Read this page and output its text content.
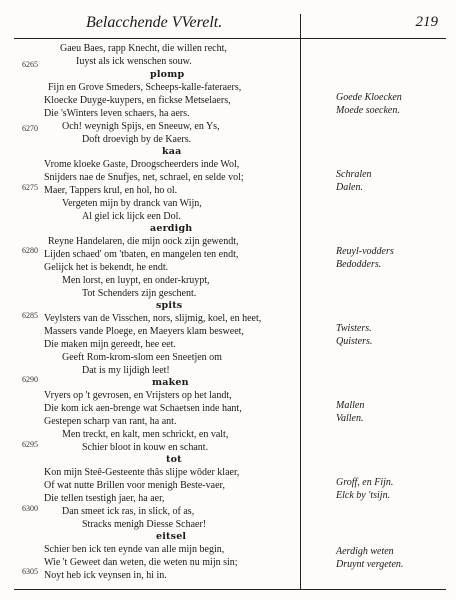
Belacchende VVerelt.	219
6265
6270
6275
6280
6285
6290
6295
6300
6305
Gaeu Baes, rapp Knecht, die willen recht,
Iuyst als ick wenschen souw.
plomp
Fijn en Grove Smeders, Scheeps-kalle-fateraers,
Kloecke Duyge-kuypers, en fickse Metselaers,
Die 'sWinters leven schaers, ha aers.
Och! weynigh Spijs, en Sneeuw, en Ys,
Doft droevigh by de Kaers.
kaa
Vrome kloeke Gaste, Droogscheerders inde Wol,
Snijders nae de Snufjes, net, schrael, en selde vol;
Maer, Tappers krul, en hol, ho ol.
Vergeten mijn by dranck van Wijn,
Al giel ick lijck een Dol.
aerdigh
Reyne Handelaren, die mijn oock zijn gewendt,
Lijden schaed' om 'tbaten, en mangelen ten endt,
Gelijck het is bekendt, he endt.
Men lorst, en luypt, en onder-kruypt,
Tot Schenders zijn geschent.
spits
Veylsters van de Visschen, nors, slijmig, koel, en heet,
Massers vande Ploege, en Maeyers klam besweet,
Die maken mijn gereedt, hee eet.
Geeft Rom-krom-slom een Sneetjen om
Dat is my lijdigh leet!
maken
Vryers op 't gevrosen, en Vrijsters op het landt,
Die kom ick aen-brenge wat Schaetsen inde hant,
Gestepen scharp van rant, ha ant.
Men treckt, en kalt, men schrickt, en valt,
Schier bloot in kouw en schant.
tot
Kon mijn Steê-Gesteente thâs slijpe wôder klaer,
Of wat nutte Brillen voor menigh Beste-vaer,
Die tellen tsestigh jaer, ha aer,
Dan smeet ick ras, in slick, of as,
Stracks menigh Diesse Schaer!
eitsel
Schier ben ick ten eynde van alle mijn begin,
Wie 't Geweet dan weten, die weten nu mijn sin;
Noyt heb ick veynsen in, hi in.
Goede Kloecken
Moede soecken.
Schralen
Dalen.
Reuyl-vodders
Bedodders.
Twisters.
Quisters.
Mallen
Vallen.
Groff, en Fijn.
Elck by 'tsijn.
Aerdigh weten
Druynt vergeten.
